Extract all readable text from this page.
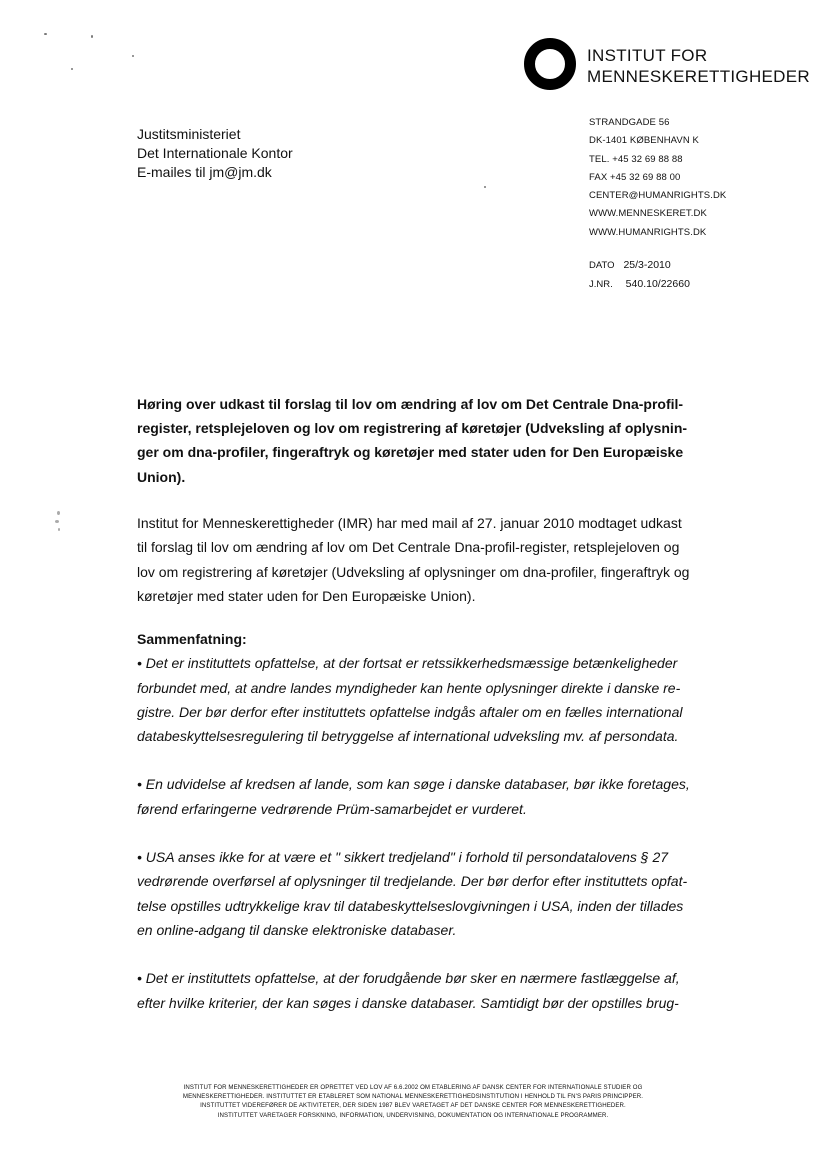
INSTITUT FOR
MENNESKERETTIGHEDER
Justitsministeriet
Det Internationale Kontor
E-mailes til jm@jm.dk
STRANDGADE 56
DK-1401 KØBENHAVN K
TEL. +45 32 69 88 88
FAX +45 32 69 88 00
CENTER@HUMANRIGHTS.DK
WWW.MENNESKERET.DK
WWW.HUMANRIGHTS.DK
DATO 25/3-2010
J.NR. 540.10/22660
Høring over udkast til forslag til lov om ændring af lov om Det Centrale Dna-profil-
register, retsplejeloven og lov om registrering af køretøjer (Udveksling af oplysnin-
ger om dna-profiler, fingeraftryk og køretøjer med stater uden for Den Europæiske
Union).
Institut for Menneskerettigheder (IMR) har med mail af 27. januar 2010 modtaget udkast
til forslag til lov om ændring af lov om Det Centrale Dna-profil-register, retsplejeloven og
lov om registrering af køretøjer (Udveksling af oplysninger om dna-profiler, fingeraftryk og
køretøjer med stater uden for Den Europæiske Union).
Sammenfatning:
• Det er instituttets opfattelse, at der fortsat er retssikkerhedsmæssige betænkeligheder
forbundet med, at andre landes myndigheder kan hente oplysninger direkte i danske re-
gistre. Der bør derfor efter instituttets opfattelse indgås aftaler om en fælles international
databeskyttelsesregulering til betryggelse af international udveksling mv. af persondata.
• En udvidelse af kredsen af lande, som kan søge i danske databaser, bør ikke foretages,
førend erfaringerne vedrørende Prüm-samarbejdet er vurderet.
• USA anses ikke for at være et " sikkert tredjeland" i forhold til persondatalovens § 27
vedrørende overførsel af oplysninger til tredjelande. Der bør derfor efter instituttets opfat-
telse opstilles udtrykkelige krav til databeskyttelseslovgivningen i USA, inden der tillades
en online-adgang til danske elektroniske databaser.
• Det er instituttets opfattelse, at der forudgående bør sker en nærmere fastlæggelse af,
efter hvilke kriterier, der kan søges i danske databaser. Samtidigt bør der opstilles brug-
INSTITUT FOR MENNESKERETTIGHEDER ER OPRETTET VED LOV AF 6.6.2002 OM ETABLERING AF DANSK CENTER FOR INTERNATIONALE STUDIER OG
MENNESKERETTIGHEDER. INSTITUTTET ER ETABLERET SOM NATIONAL MENNESKERETTIGHEDSINSTITUTION I HENHOLD TIL FN'S PARIS PRINCIPPER.
INSTITUTTET VIDEREFØRER DE AKTIVITETER, DER SIDEN 1987 BLEV VARETAGET AF DET DANSKE CENTER FOR MENNESKERETTIGHEDER.
INSTITUTTET VARETAGER FORSKNING, INFORMATION, UNDERVISNING, DOKUMENTATION OG INTERNATIONALE PROGRAMMER.
